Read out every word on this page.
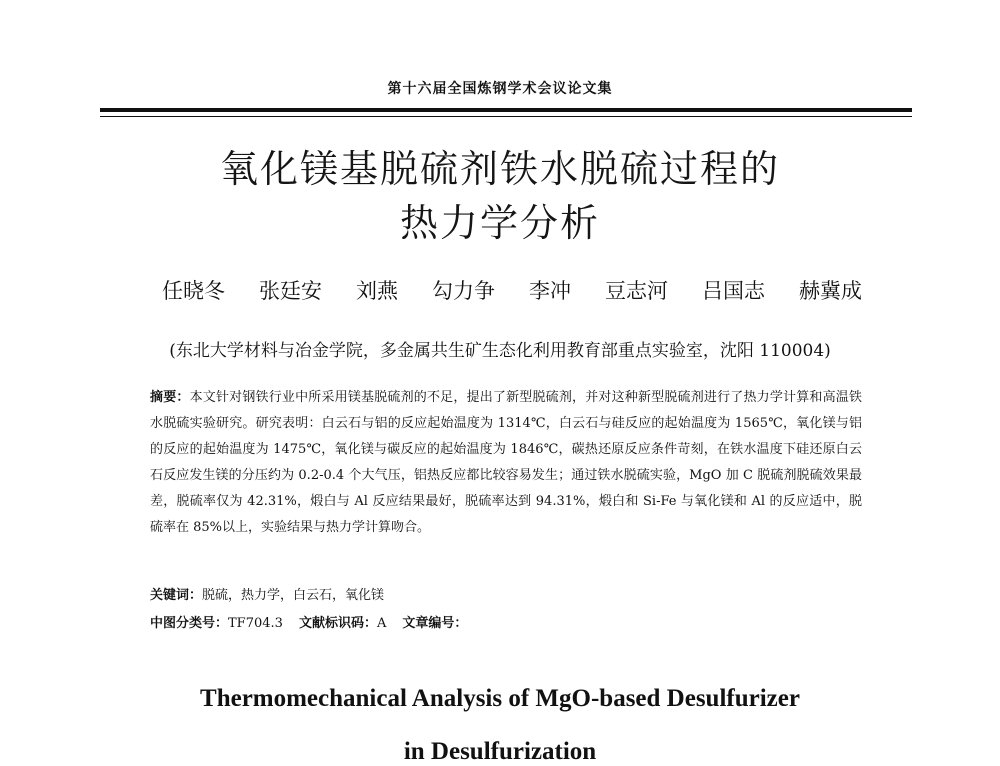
第十六届全国炼钢学术会议论文集
氧化镁基脱硫剂铁水脱硫过程的
热力学分析
任晓冬 张廷安 刘燕 勾力争 李冲 豆志河 吕国志 赫冀成
(东北大学材料与冶金学院，多金属共生矿生态化利用教育部重点实验室，沈阳 110004)
摘要：本文针对钢铁行业中所采用镁基脱硫剂的不足，提出了新型脱硫剂，并对这种新型脱硫剂进行了热力学计算和高温铁水脱硫实验研究。研究表明：白云石与铝的反应起始温度为 1314℃，白云石与硅反应的起始温度为 1565℃，氧化镁与铝的反应的起始温度为 1475℃，氧化镁与碳反应的起始温度为 1846℃，碳热还原反应条件苛刻，在铁水温度下硅还原白云石反应发生镁的分压约为 0.2-0.4 个大气压，铝热反应都比较容易发生；通过铁水脱硫实验，MgO 加 C 脱硫剂脱硫效果最差，脱硫率仅为 42.31%，煅白与 Al 反应结果最好，脱硫率达到 94.31%，煅白和 Si-Fe 与氧化镁和 Al 的反应适中，脱硫率在 85%以上，实验结果与热力学计算吻合。
关键词：脱硫，热力学，白云石，氧化镁
中图分类号：TF704.3 文献标识码：A 文章编号：
Thermomechanical Analysis of MgO-based Desulfurizer
in Desulfurization
